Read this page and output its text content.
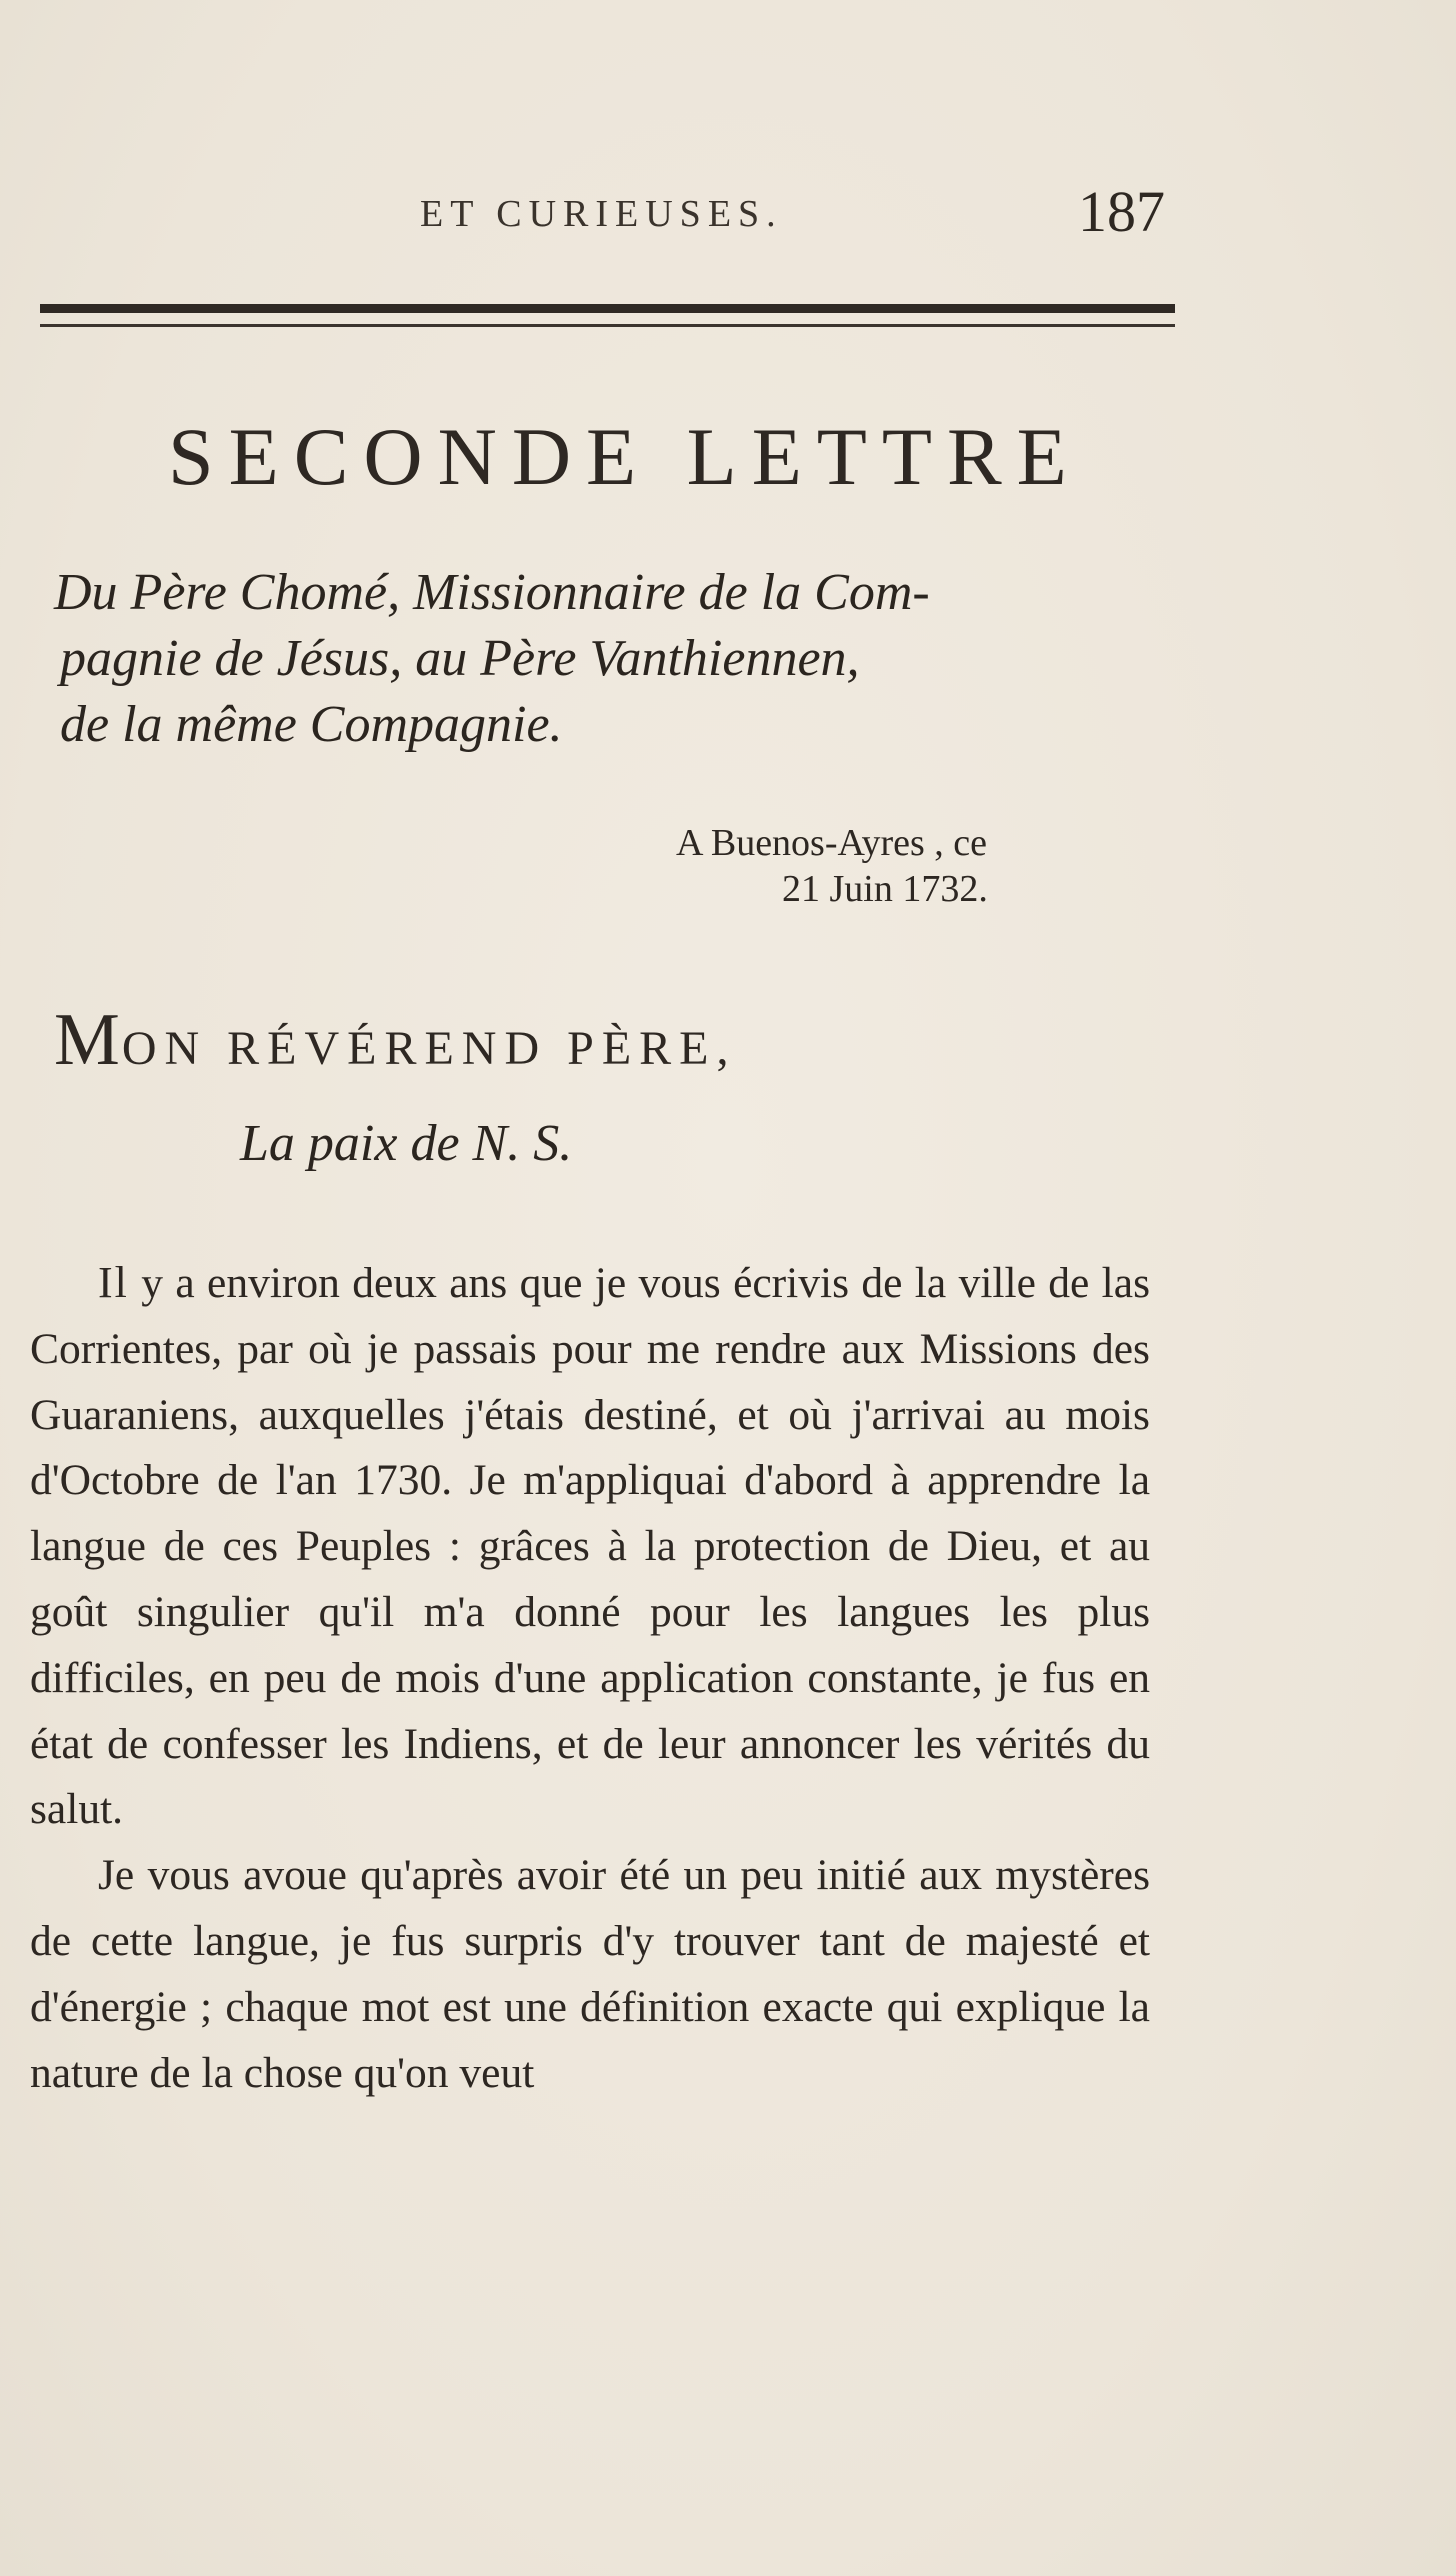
ET CURIEUSES.	187
SECONDE LETTRE
Du Père Chomé, Missionnaire de la Com-
pagnie de Jésus, au Père Vanthiennen,
de la même Compagnie.
A Buenos-Ayres , ce
21 Juin 1732.
MON RÉVÉREND PÈRE,
La paix de N. S.

Il y a environ deux ans que je vous écrivis de la ville de las Corrientes, par où je passais pour me rendre aux Missions des Guaraniens, auxquelles j'étais destiné, et où j'arrivai au mois d'Octobre de l'an 1730. Je m'appliquai d'abord à apprendre la langue de ces Peuples : grâces à la protection de Dieu, et au goût singulier qu'il m'a donné pour les langues les plus difficiles, en peu de mois d'une application constante, je fus en état de confesser les Indiens, et de leur annoncer les vérités du salut.

Je vous avoue qu'après avoir été un peu initié aux mystères de cette langue, je fus surpris d'y trouver tant de majesté et d'énergie ; chaque mot est une définition exacte qui explique la nature de la chose qu'on veut
